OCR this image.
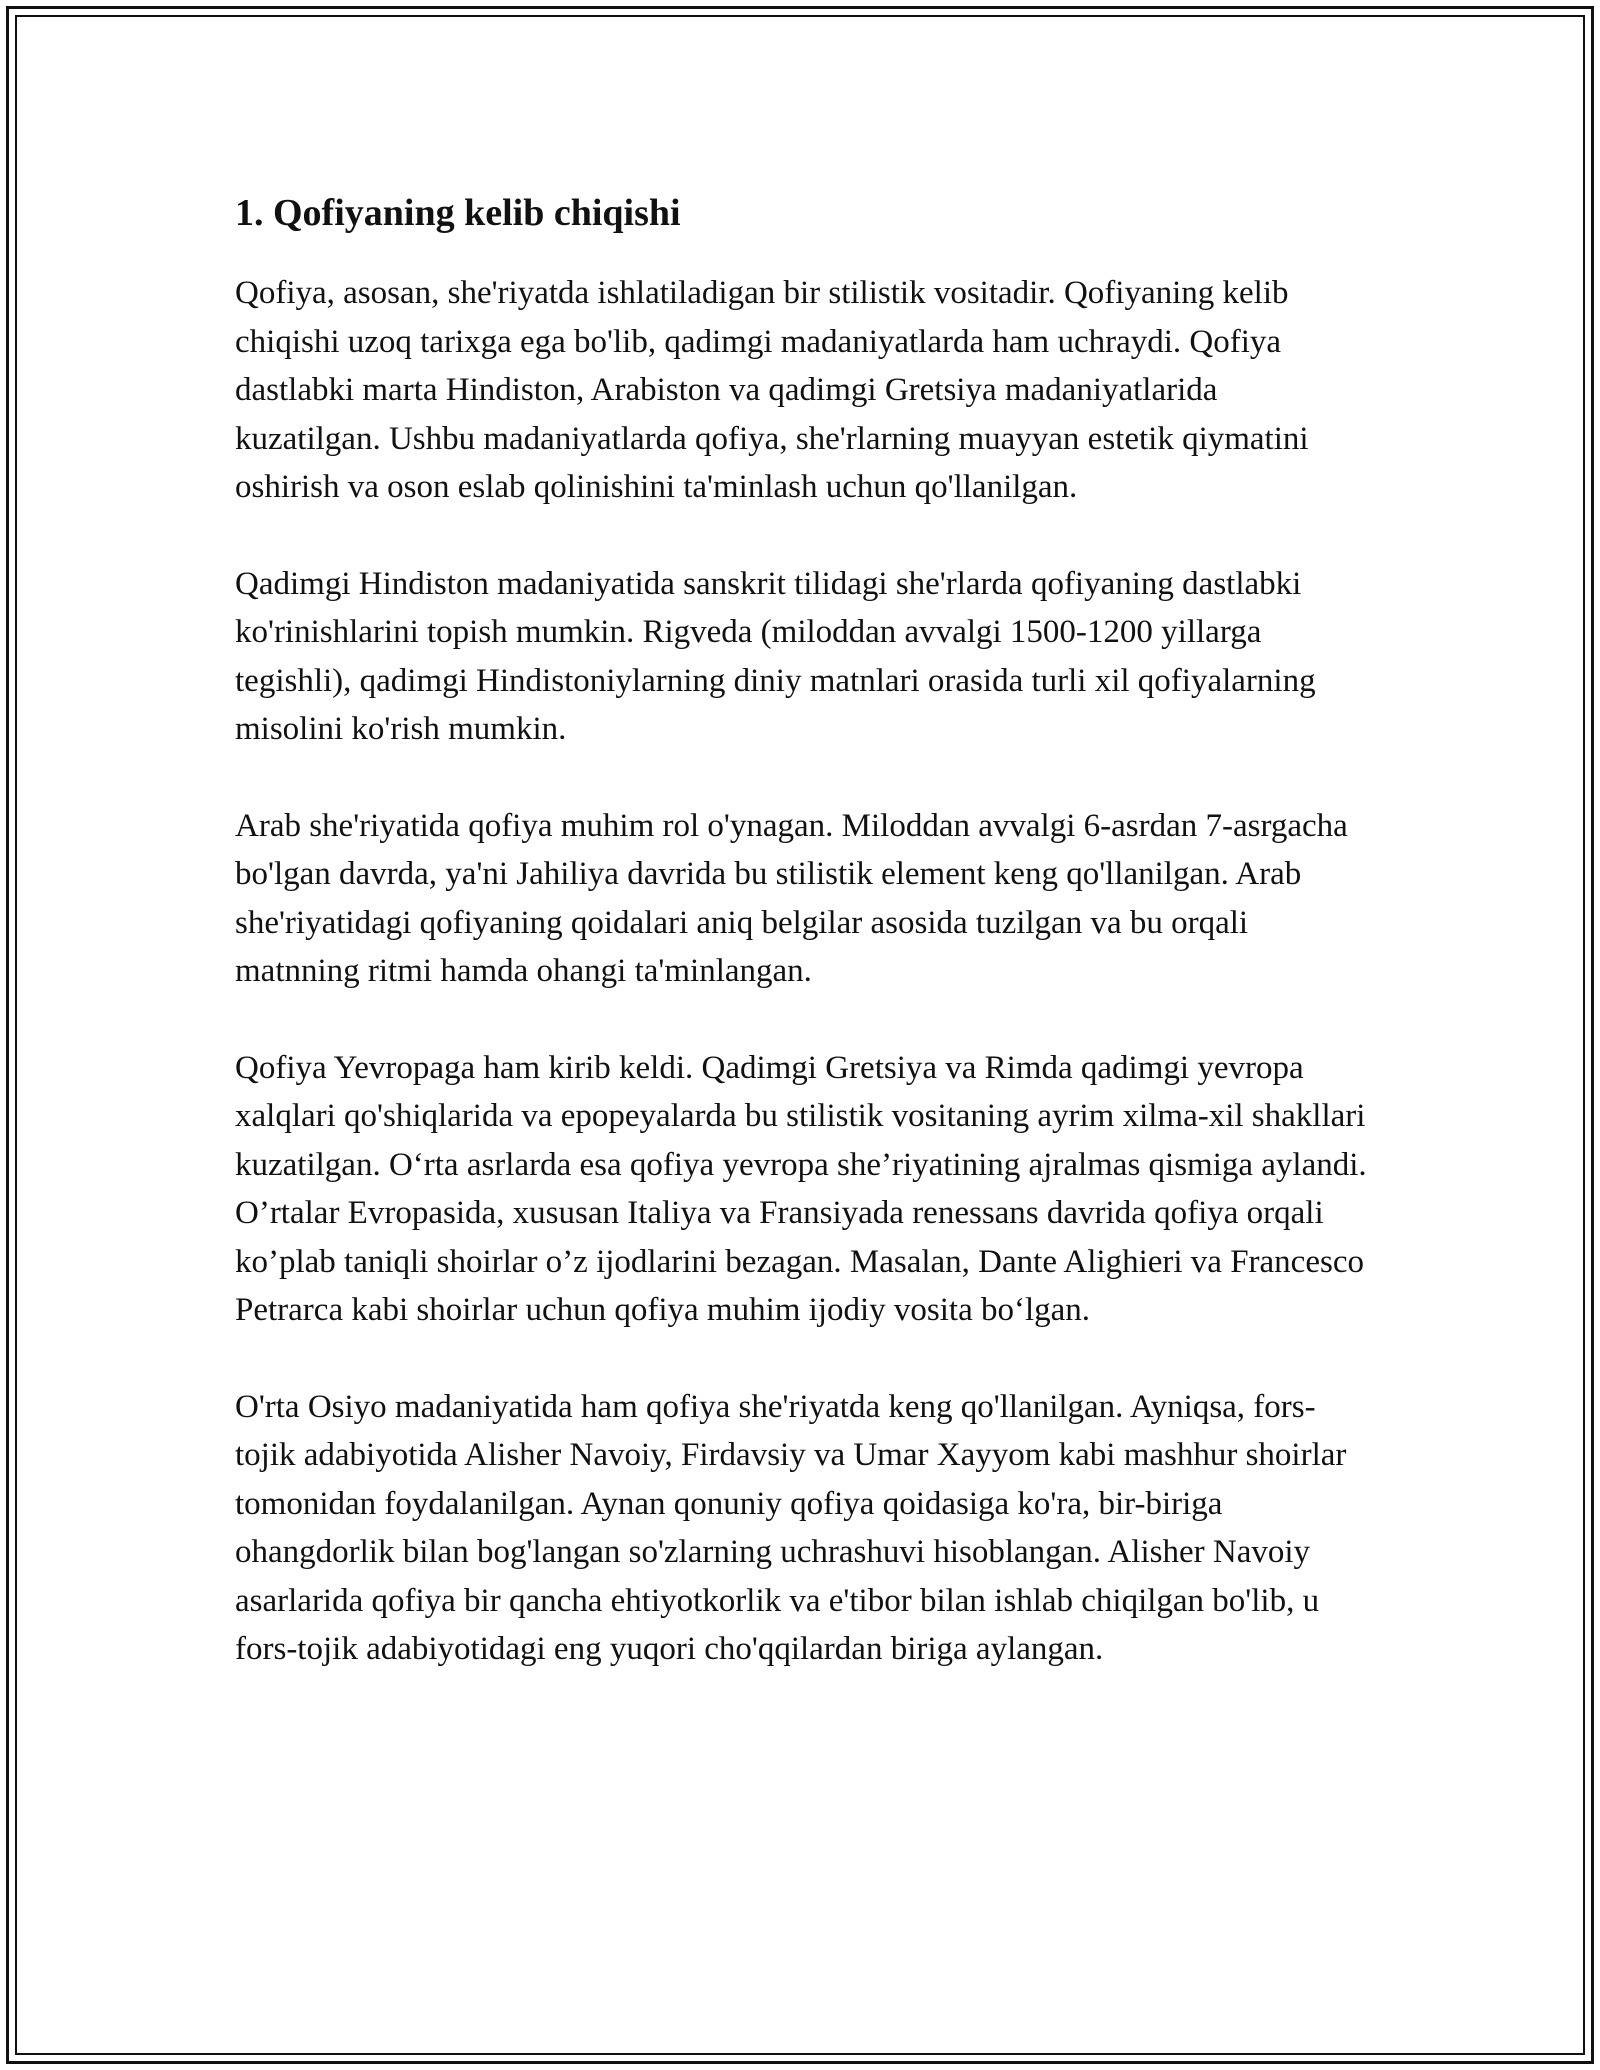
1. Qofiyaning kelib chiqishi

Qofiya, asosan, she'riyatda ishlatiladigan bir stilistik vositadir. Qofiyaning kelib chiqishi uzoq tarixga ega bo'lib, qadimgi madaniyatlarda ham uchraydi. Qofiya dastlabki marta Hindiston, Arabiston va qadimgi Gretsiya madaniyatlarida kuzatilgan. Ushbu madaniyatlarda qofiya, she'rlarning muayyan estetik qiymatini oshirish va oson eslab qolinishini ta'minlash uchun qo'llanilgan.

Qadimgi Hindiston madaniyatida sanskrit tilidagi she'rlarda qofiyaning dastlabki ko'rinishlarini topish mumkin. Rigveda (miloddan avvalgi 1500-1200 yillarga tegishli), qadimgi Hindistoniylarning diniy matnlari orasida turli xil qofiyalarning misolini ko'rish mumkin.

Arab she'riyatida qofiya muhim rol o'ynagan. Miloddan avvalgi 6-asrdan 7-asrgacha bo'lgan davrda, ya'ni Jahiliya davrida bu stilistik element keng qo'llanilgan. Arab she'riyatidagi qofiyaning qoidalari aniq belgilar asosida tuzilgan va bu orqali matnning ritmi hamda ohangi ta'minlangan.

Qofiya Yevropaga ham kirib keldi. Qadimgi Gretsiya va Rimda qadimgi yevropa xalqlari qo'shiqlarida va epopeyalarda bu stilistik vositaning ayrim xilma-xil shakllari kuzatilgan. O‘rta asrlarda esa qofiya yevropa she’riyatining ajralmas qismiga aylandi. O’rtalar Evropasida, xususan Italiya va Fransiyada renessans davrida qofiya orqali ko’plab taniqli shoirlar o’z ijodlarini bezagan. Masalan, Dante Alighieri va Francesco Petrarca kabi shoirlar uchun qofiya muhim ijodiy vosita bo‘lgan.

O'rta Osiyo madaniyatida ham qofiya she'riyatda keng qo'llanilgan. Ayniqsa, fors-tojik adabiyotida Alisher Navoiy, Firdavsiy va Umar Xayyom kabi mashhur shoirlar tomonidan foydalanilgan. Aynan qonuniy qofiya qoidasiga ko'ra, bir-biriga ohangdorlik bilan bog'langan so'zlarning uchrashuvi hisoblangan. Alisher Navoiy asarlarida qofiya bir qancha ehtiyotkorlik va e'tibor bilan ishlab chiqilgan bo'lib, u fors-tojik adabiyotidagi eng yuqori cho'qqilardan biriga aylangan.
